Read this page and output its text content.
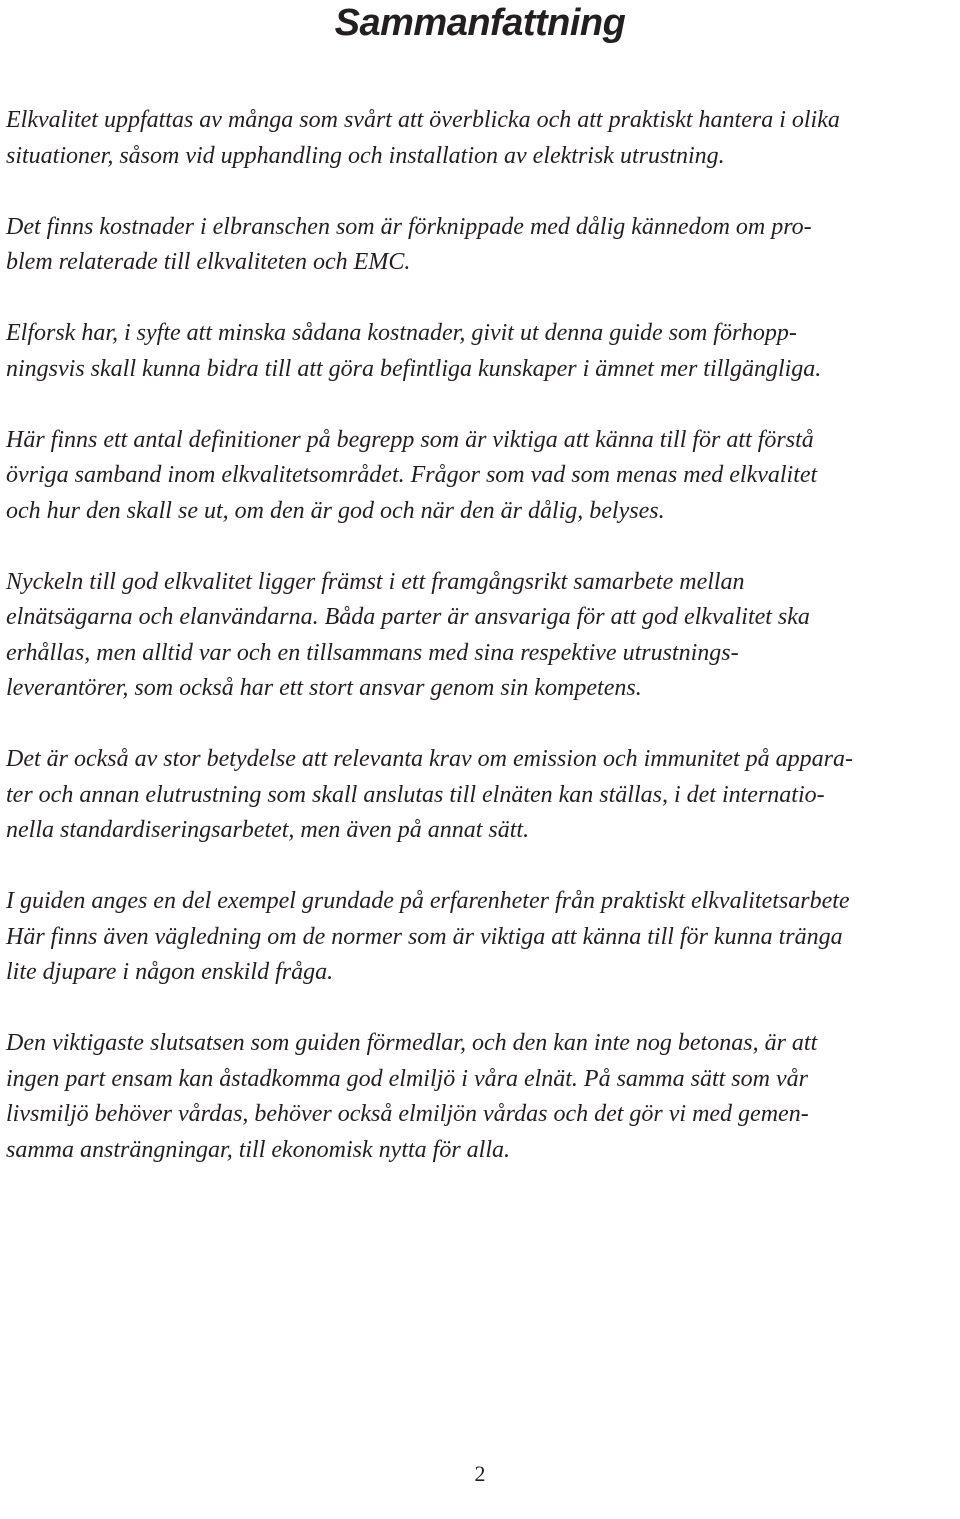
Sammanfattning

Elkvalitet uppfattas av många som svårt att överblicka och att praktiskt hantera i olika
situationer, såsom vid upphandling och installation av elektrisk utrustning.

Det finns kostnader i elbranschen som är förknippade med dålig kännedom om pro-
blem relaterade till elkvaliteten och EMC.

Elforsk har, i syfte att minska sådana kostnader, givit ut denna guide som förhopp-
ningsvis skall kunna bidra till att göra befintliga kunskaper i ämnet mer tillgängliga.

Här finns ett antal definitioner på begrepp som är viktiga att känna till för att förstå
övriga samband inom elkvalitetsområdet. Frågor som vad som menas med elkvalitet
och hur den skall se ut, om den är god och när den är dålig, belyses.

Nyckeln till god elkvalitet ligger främst i ett framgångsrikt samarbete mellan
elnätsägarna och elanvändarna. Båda parter är ansvariga för att god elkvalitet ska
erhållas, men alltid var och en tillsammans med sina respektive utrustnings-
leverantörer, som också har ett stort ansvar genom sin kompetens.

Det är också av stor betydelse att relevanta krav om emission och immunitet på appara-
ter och annan elutrustning som skall anslutas till elnäten kan ställas, i det internatio-
nella standardiseringsarbetet, men även på annat sätt.

I guiden anges en del exempel grundade på erfarenheter från praktiskt elkvalitetsarbete
Här finns även vägledning om de normer som är viktiga att känna till för kunna tränga
lite djupare i någon enskild fråga.

Den viktigaste slutsatsen som guiden förmedlar, och den kan inte nog betonas, är att
ingen part ensam kan åstadkomma god elmiljö i våra elnät. På samma sätt som vår
livsmiljö behöver vårdas, behöver också elmiljön vårdas och det gör vi med gemen-
samma ansträngningar, till ekonomisk nytta för alla.

2
